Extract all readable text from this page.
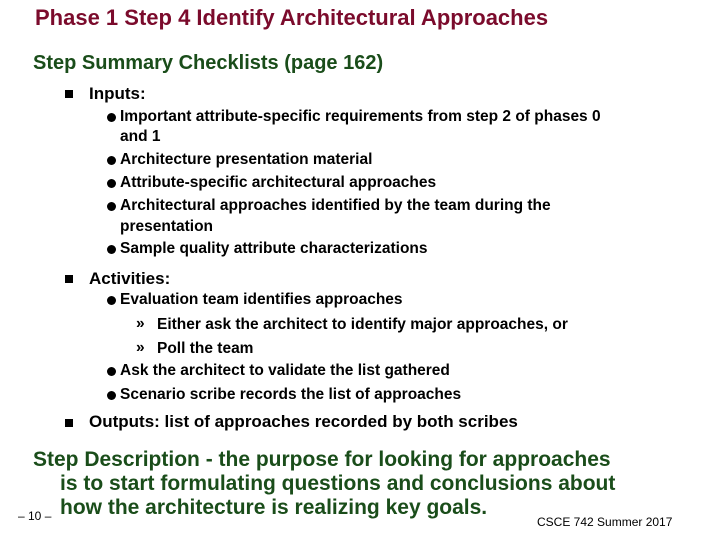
Phase 1 Step 4 Identify Architectural Approaches
Step Summary Checklists (page 162)
Inputs:
Important attribute-specific requirements from step 2 of phases 0
and 1
Architecture presentation material
Attribute-specific architectural approaches
Architectural approaches identified by the team during the
presentation
Sample quality attribute characterizations
Activities:
Evaluation team identifies approaches
» Either ask the architect to identify major approaches, or
» Poll the team
Ask the architect to validate the list gathered
Scenario scribe records the list of approaches
Outputs: list of approaches recorded by both scribes
Step Description - the purpose for looking for approaches
is to start formulating questions and conclusions about
how the architecture is realizing key goals.
– 10 –	CSCE 742 Summer 2017
